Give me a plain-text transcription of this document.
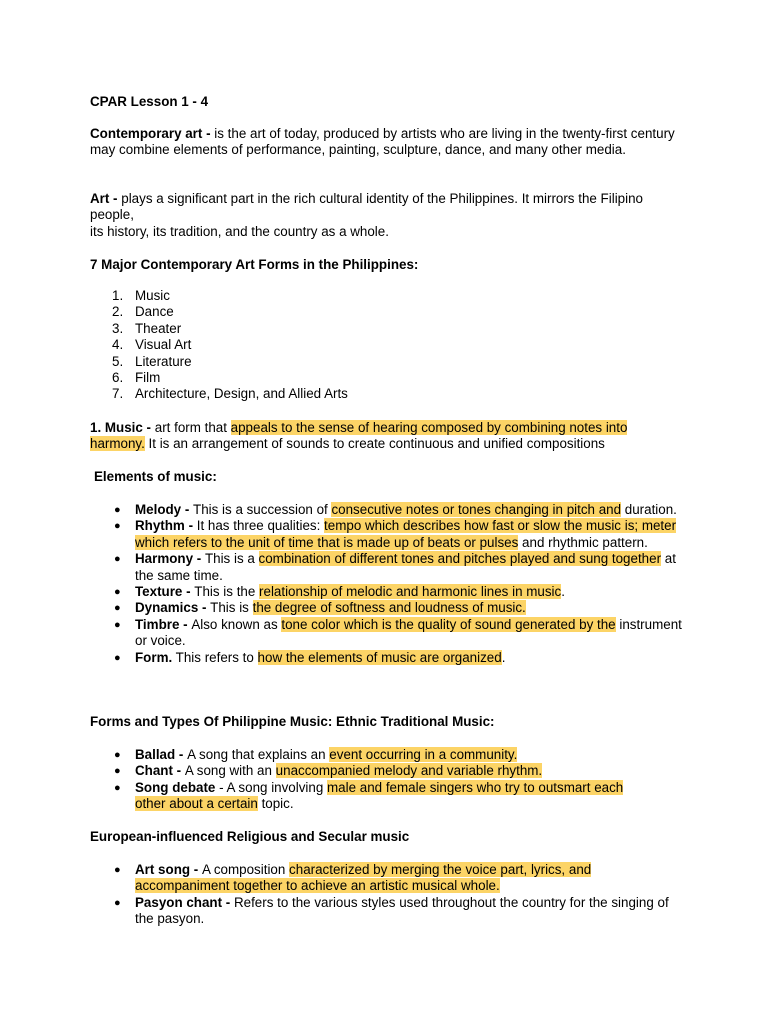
CPAR Lesson 1 - 4

Contemporary art - is the art of today, produced by artists who are living in the twenty-first century may combine elements of performance, painting, sculpture, dance, and many other media.

Art - plays a significant part in the rich cultural identity of the Philippines. It mirrors the Filipino people,
its history, its tradition, and the country as a whole.

7 Major Contemporary Art Forms in the Philippines:

1. Music
2. Dance
3. Theater
4. Visual Art
5. Literature
6. Film
7. Architecture, Design, and Allied Arts

1. Music - art form that appeals to the sense of hearing composed by combining notes into harmony. It is an arrangement of sounds to create continuous and unified compositions

Elements of music:

● Melody - This is a succession of consecutive notes or tones changing in pitch and duration.
● Rhythm - It has three qualities: tempo which describes how fast or slow the music is; meter which refers to the unit of time that is made up of beats or pulses and rhythmic pattern.
● Harmony - This is a combination of different tones and pitches played and sung together at the same time.
● Texture - This is the relationship of melodic and harmonic lines in music.
● Dynamics - This is the degree of softness and loudness of music.
● Timbre - Also known as tone color which is the quality of sound generated by the instrument or voice.
● Form. This refers to how the elements of music are organized.

Forms and Types Of Philippine Music: Ethnic Traditional Music:

● Ballad - A song that explains an event occurring in a community.
● Chant - A song with an unaccompanied melody and variable rhythm.
● Song debate - A song involving male and female singers who try to outsmart each other about a certain topic.

European-influenced Religious and Secular music

● Art song - A composition characterized by merging the voice part, lyrics, and accompaniment together to achieve an artistic musical whole.
● Pasyon chant - Refers to the various styles used throughout the country for the singing of the pasyon.
